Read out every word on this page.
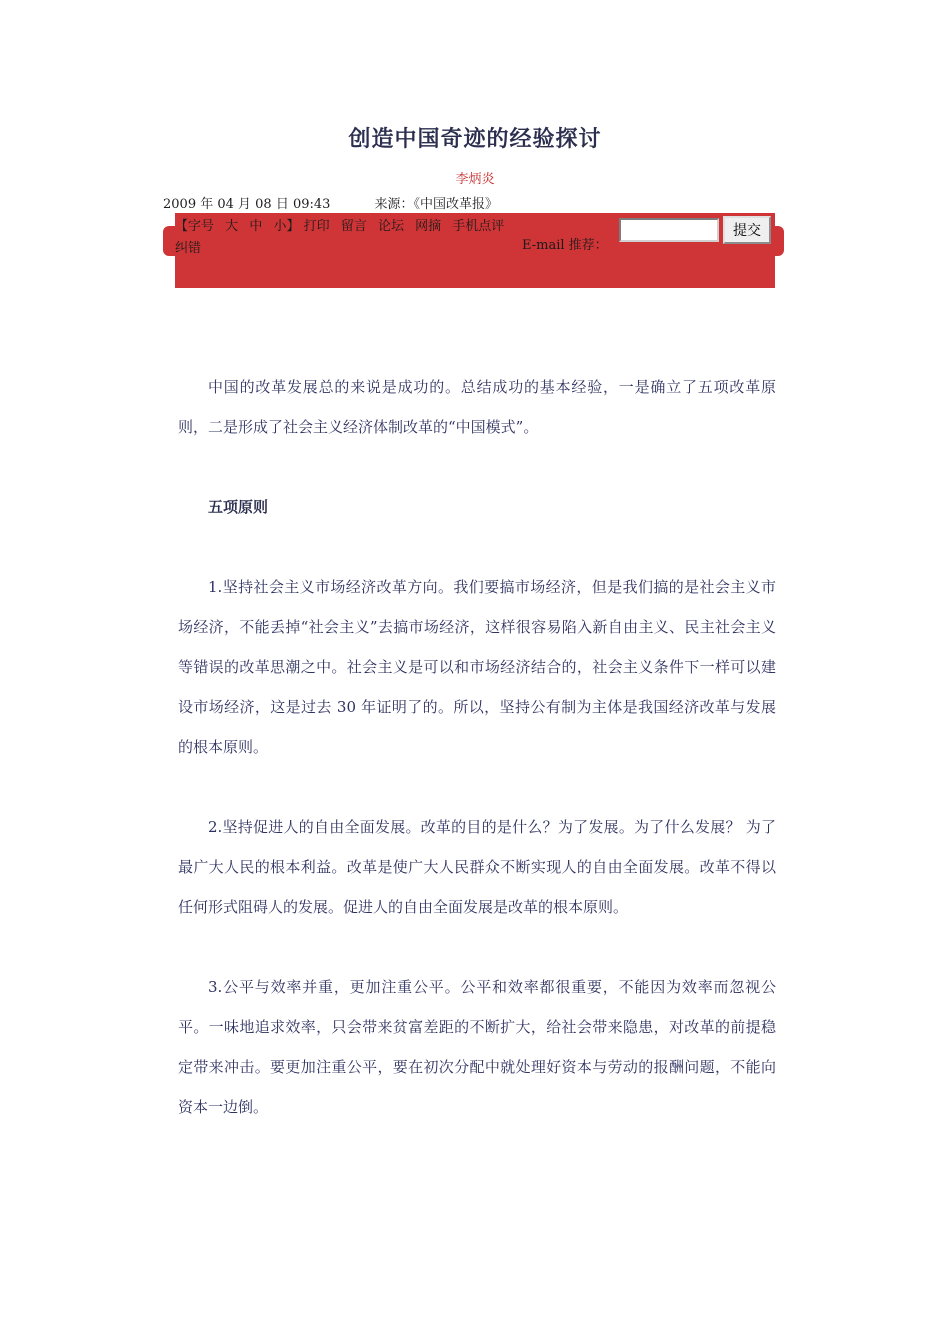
创造中国奇迹的经验探讨
李炳炎
2009 年 04 月 08 日 09:43	来源：《中国改革报》
【字号 大 中 小】 打印 留言 论坛 网摘 手机点评 纠错	E-mail 推荐：
提交

中国的改革发展总的来说是成功的。总结成功的基本经验，一是确立了五项改革原则，二是形成了社会主义经济体制改革的“中国模式”。

五项原则

1.坚持社会主义市场经济改革方向。我们要搞市场经济，但是我们搞的是社会主义市场经济，不能丢掉“社会主义”去搞市场经济，这样很容易陷入新自由主义、民主社会主义等错误的改革思潮之中。社会主义是可以和市场经济结合的，社会主义条件下一样可以建设市场经济，这是过去 30 年证明了的。所以，坚持公有制为主体是我国经济改革与发展的根本原则。

2.坚持促进人的自由全面发展。改革的目的是什么？为了发展。为了什么发展？ 为了最广大人民的根本利益。改革是使广大人民群众不断实现人的自由全面发展。改革不得以任何形式阻碍人的发展。促进人的自由全面发展是改革的根本原则。

3.公平与效率并重，更加注重公平。公平和效率都很重要，不能因为效率而忽视公平。一味地追求效率，只会带来贫富差距的不断扩大，给社会带来隐患，对改革的前提稳定带来冲击。要更加注重公平，要在初次分配中就处理好资本与劳动的报酬问题，不能向资本一边倒。
